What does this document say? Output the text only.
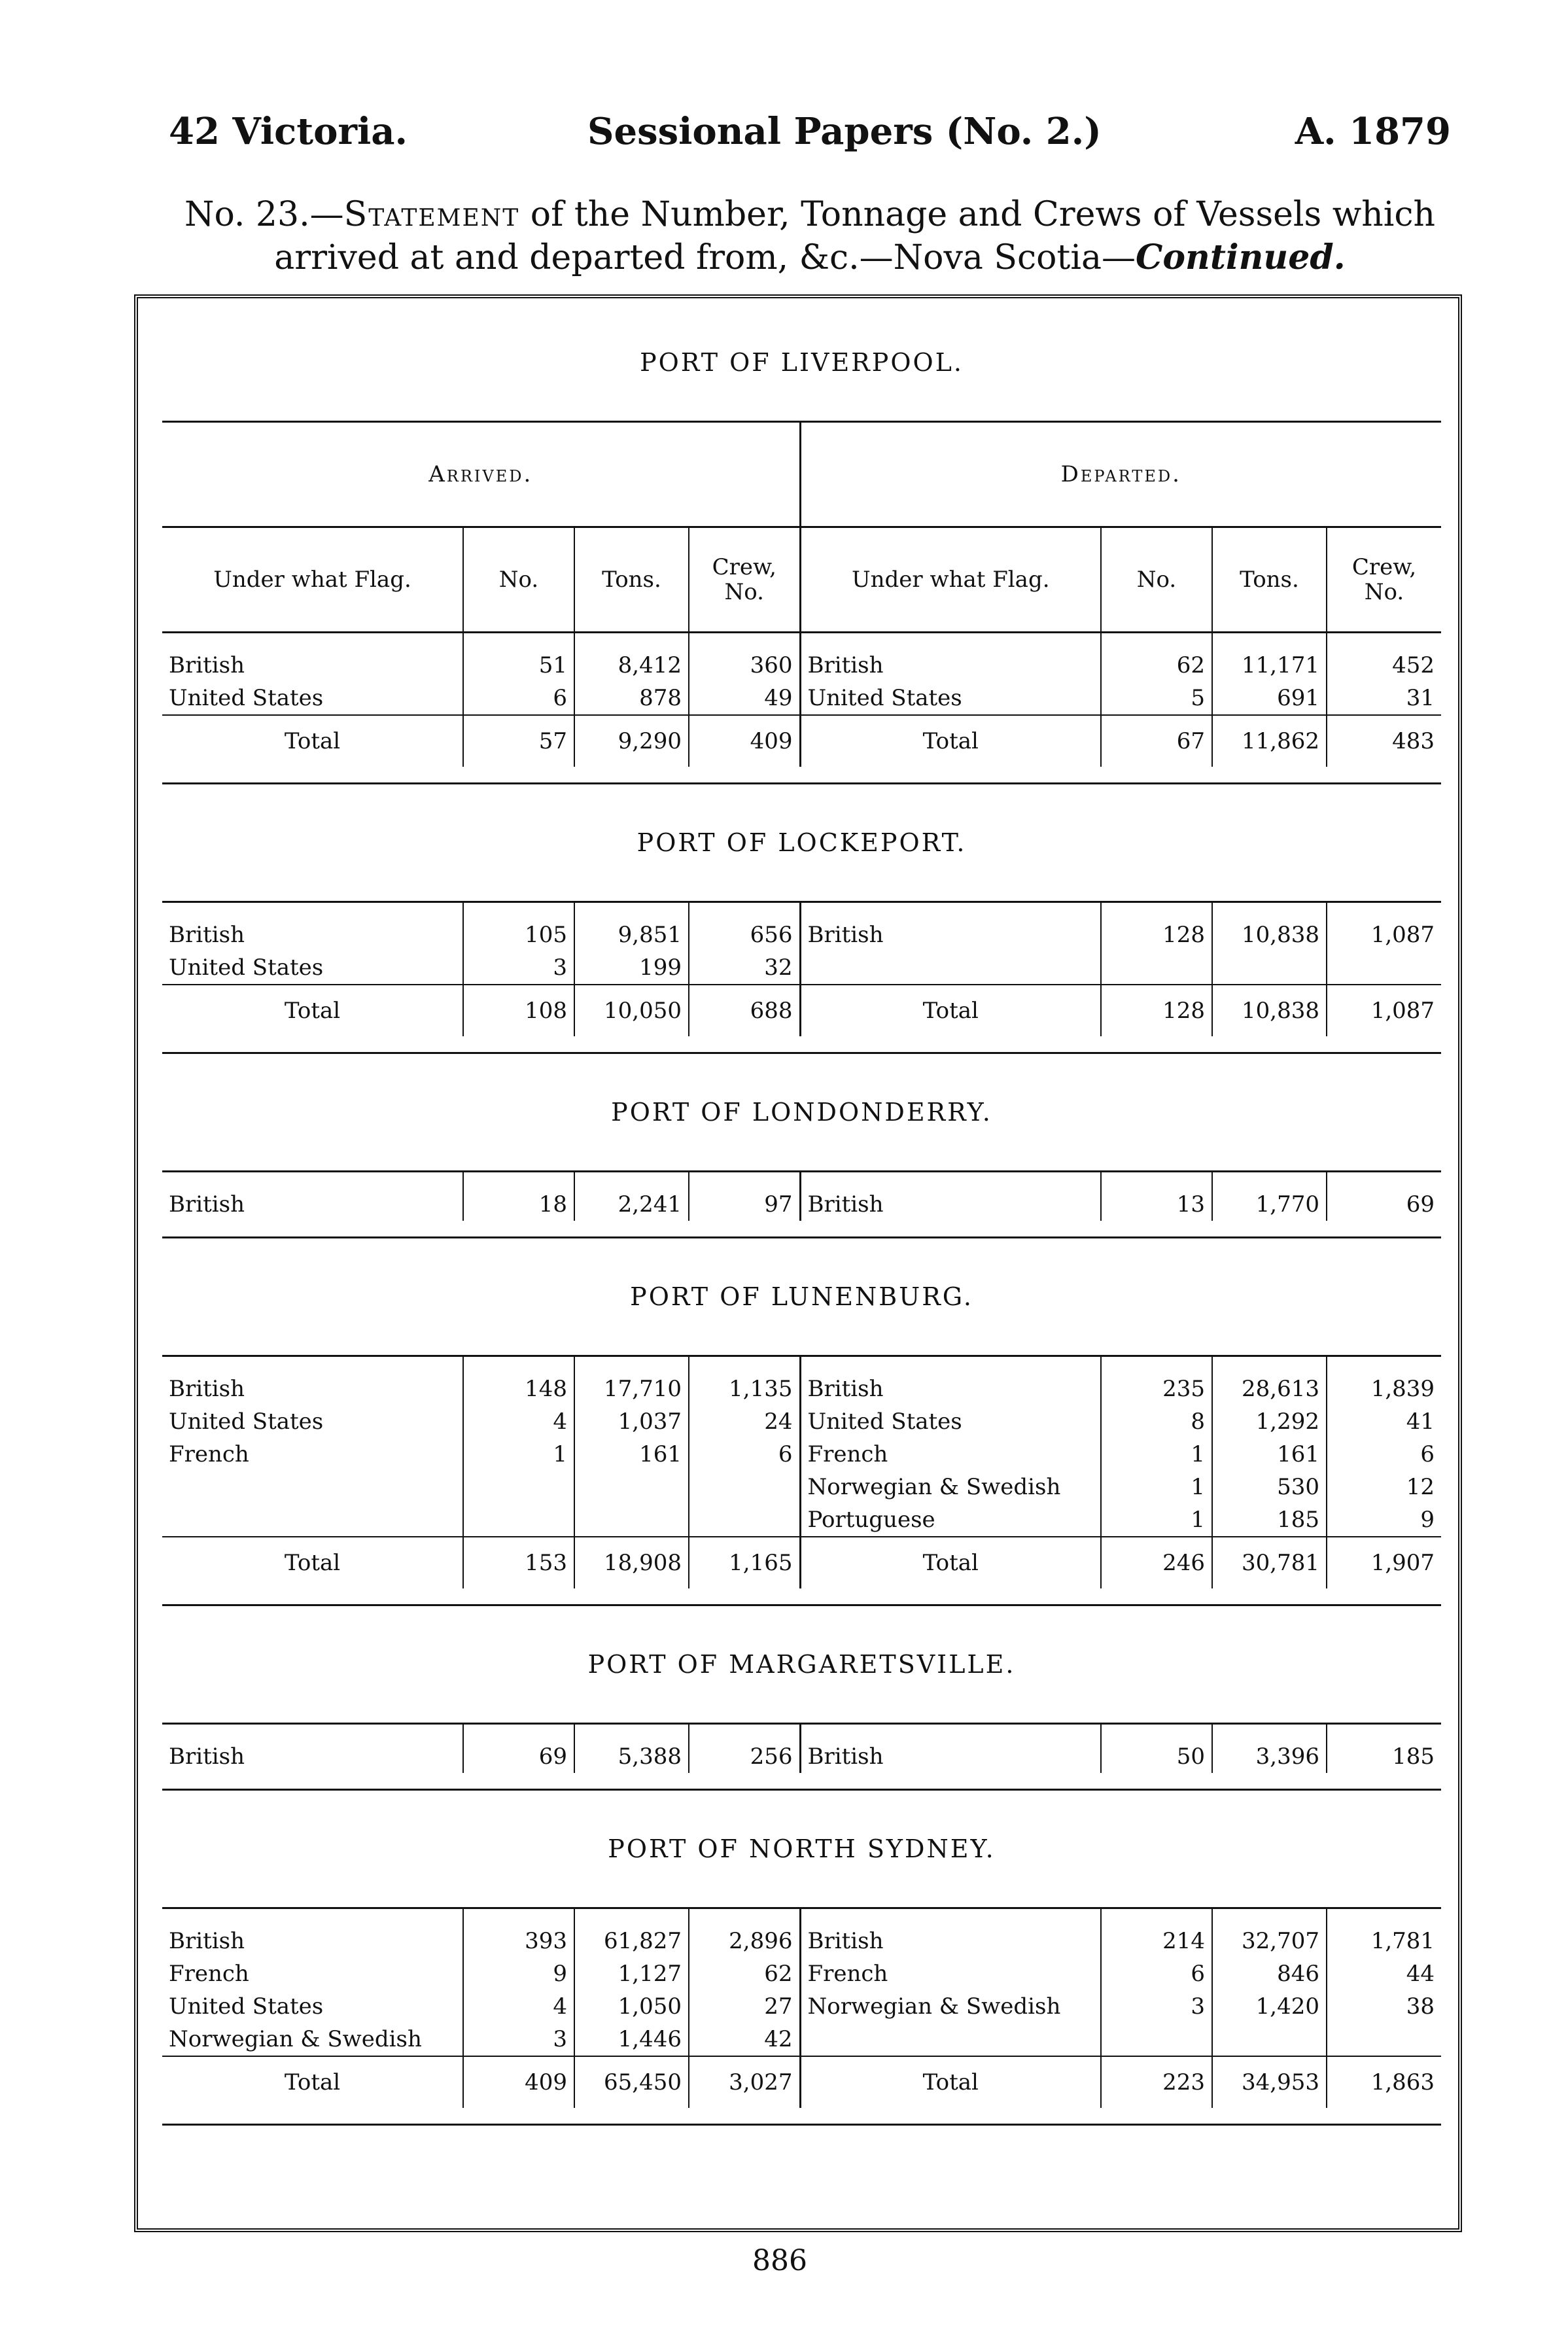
42 Victoria.	Sessional Papers (No. 2.)	A. 1879
No. 23.—Statement of the Number, Tonnage and Crews of Vessels which arrived at and departed from, &c.—Nova Scotia—Continued.
PORT OF LIVERPOOL.							
Arrived.				Departed.			
Under what Flag.	No.	Tons.	Crew, No.	Under what Flag.	No.	Tons.	Crew, No.

British	51	8,412	360	British	62	11,171	452
United States	6	878	49	United States	5	691	31
Total	57	9,290	409	Total	67	11,862	483

PORT OF LOCKEPORT.							

British	105	9,851	656	British	128	10,838	1,087
United States	3	199	32				
Total	108	10,050	688	Total	128	10,838	1,087

PORT OF LONDONDERRY.							

British	18	2,241	97	British	13	1,770	69

PORT OF LUNENBURG.							

British	148	17,710	1,135	British	235	28,613	1,839
United States	4	1,037	24	United States	8	1,292	41
French	1	161	6	French	1	161	6
				Norwegian & Swedish	1	530	12
				Portuguese	1	185	9
Total	153	18,908	1,165	Total	246	30,781	1,907

PORT OF MARGARETSVILLE.							

British	69	5,388	256	British	50	3,396	185

PORT OF NORTH SYDNEY.							

British	393	61,827	2,896	British	214	32,707	1,781
French	9	1,127	62	French	6	846	44
United States	4	1,050	27	Norwegian & Swedish	3	1,420	38
Norwegian & Swedish	3	1,446	42				
Total	409	65,450	3,027	Total	223	34,953	1,863

886
